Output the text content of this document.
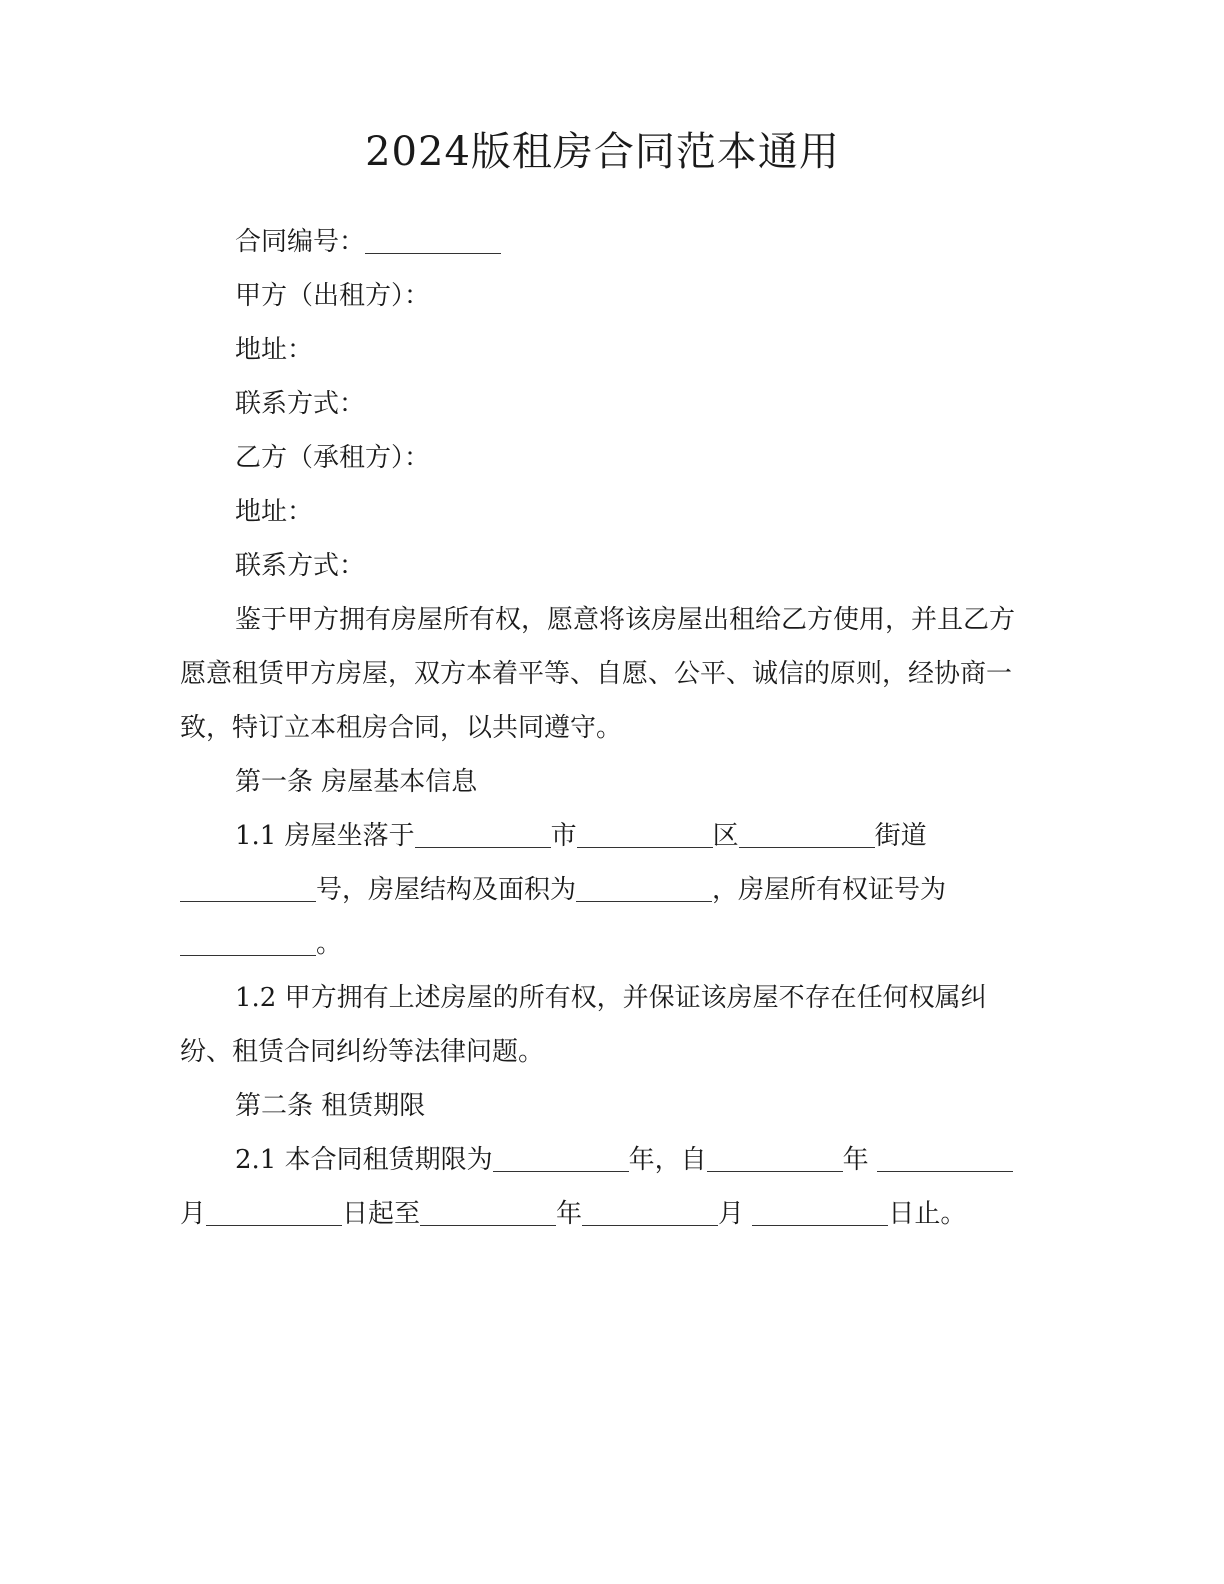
2024版租房合同范本通用

合同编号：

甲方（出租方）：

地址：

联系方式：

乙方（承租方）：

地址：

联系方式：

鉴于甲方拥有房屋所有权，愿意将该房屋出租给乙方使用，并且乙方愿意租赁甲方房屋，双方本着平等、自愿、公平、诚信的原则，经协商一致，特订立本租房合同，以共同遵守。

第一条 房屋基本信息

1.1 房屋坐落于	市	区	街道 号，房屋结构及面积为	，房屋所有权证号为 。

1.2 甲方拥有上述房屋的所有权，并保证该房屋不存在任何权属纠纷、租赁合同纠纷等法律问题。

第二条 租赁期限

2.1 本合同租赁期限为	年，自	年 月	日起至	年	月	日止。
